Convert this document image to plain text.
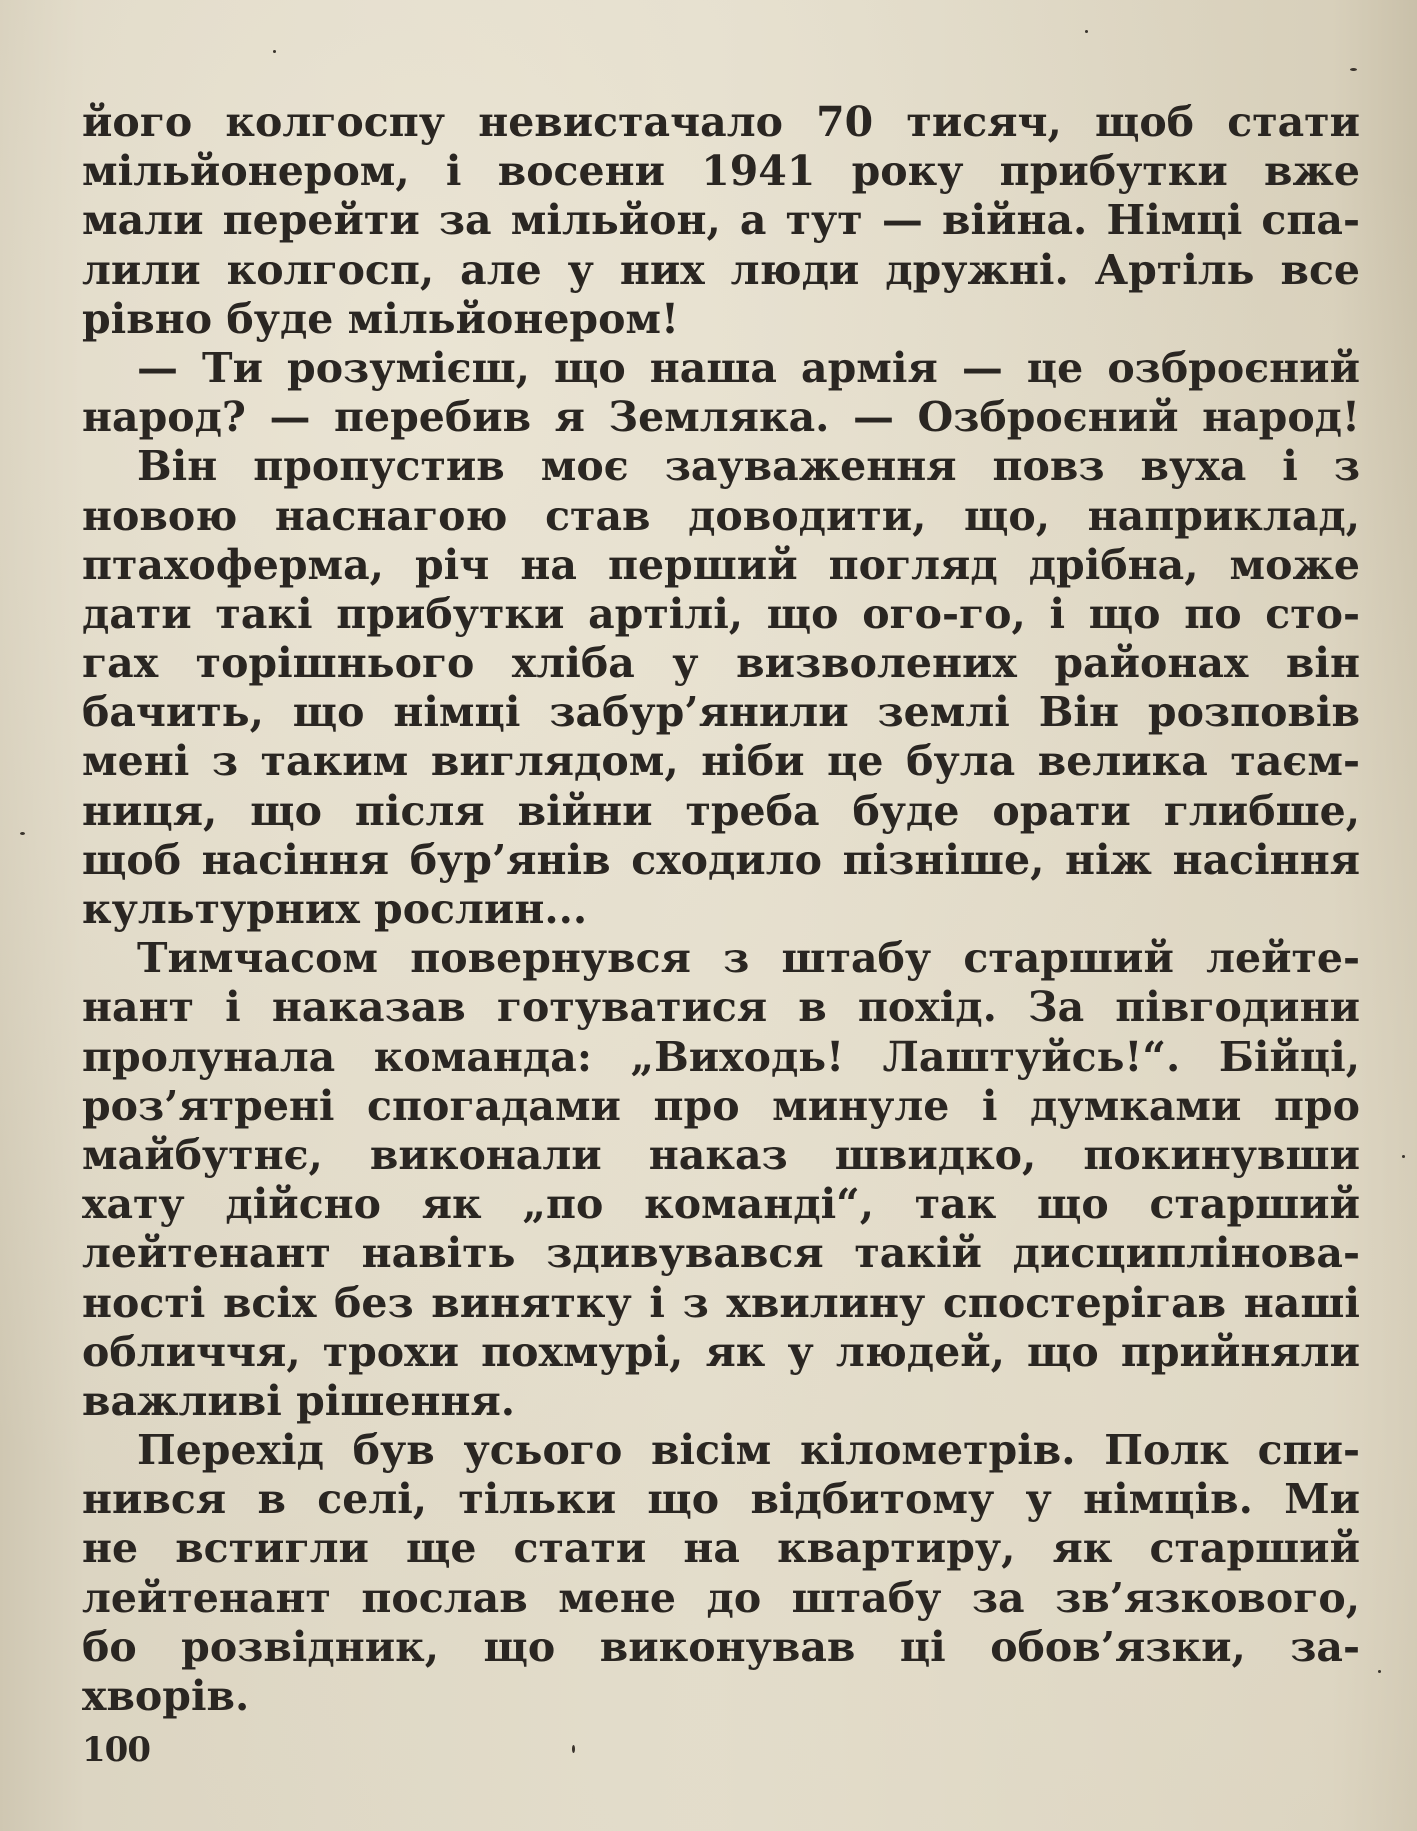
його колгоспу невистачало 70 тисяч, щоб стати
мільйонером, і восени 1941 року прибутки вже
мали перейти за мільйон, а тут — війна. Німці спа-
лили колгосп, але у них люди дружні. Артіль все
рівно буде мільйонером!
— Ти розумієш, що наша армія — це озброєний
народ? — перебив я Земляка. — Озброєний народ!
Він пропустив моє зауваження повз вуха і з
новою наснагою став доводити, що, наприклад,
птахоферма, річ на перший погляд дрібна, може
дати такі прибутки артілі, що ого-го, і що по сто-
гах торішнього хліба у визволених районах він
бачить, що німці забур’янили землі Він розповів
мені з таким виглядом, ніби це була велика таєм-
ниця, що після війни треба буде орати глибше,
щоб насіння бур’янів сходило пізніше, ніж насіння
культурних рослин...
Тимчасом повернувся з штабу старший лейте-
нант і наказав готуватися в похід. За півгодини
пролунала команда: „Виходь! Лаштуйсь!“. Бійці,
роз’ятрені спогадами про минуле і думками про
майбутнє, виконали наказ швидко, покинувши
хату дійсно як „по команді“, так що старший
лейтенант навіть здивувався такій дисциплінова-
ності всіх без винятку і з хвилину спостерігав наші
обличчя, трохи похмурі, як у людей, що прийняли
важливі рішення.
Перехід був усього вісім кілометрів. Полк спи-
нився в селі, тільки що відбитому у німців. Ми
не встигли ще стати на квартиру, як старший
лейтенант послав мене до штабу за зв’язкового,
бо розвідник, що виконував ці обов’язки, за-
хворів.
100
